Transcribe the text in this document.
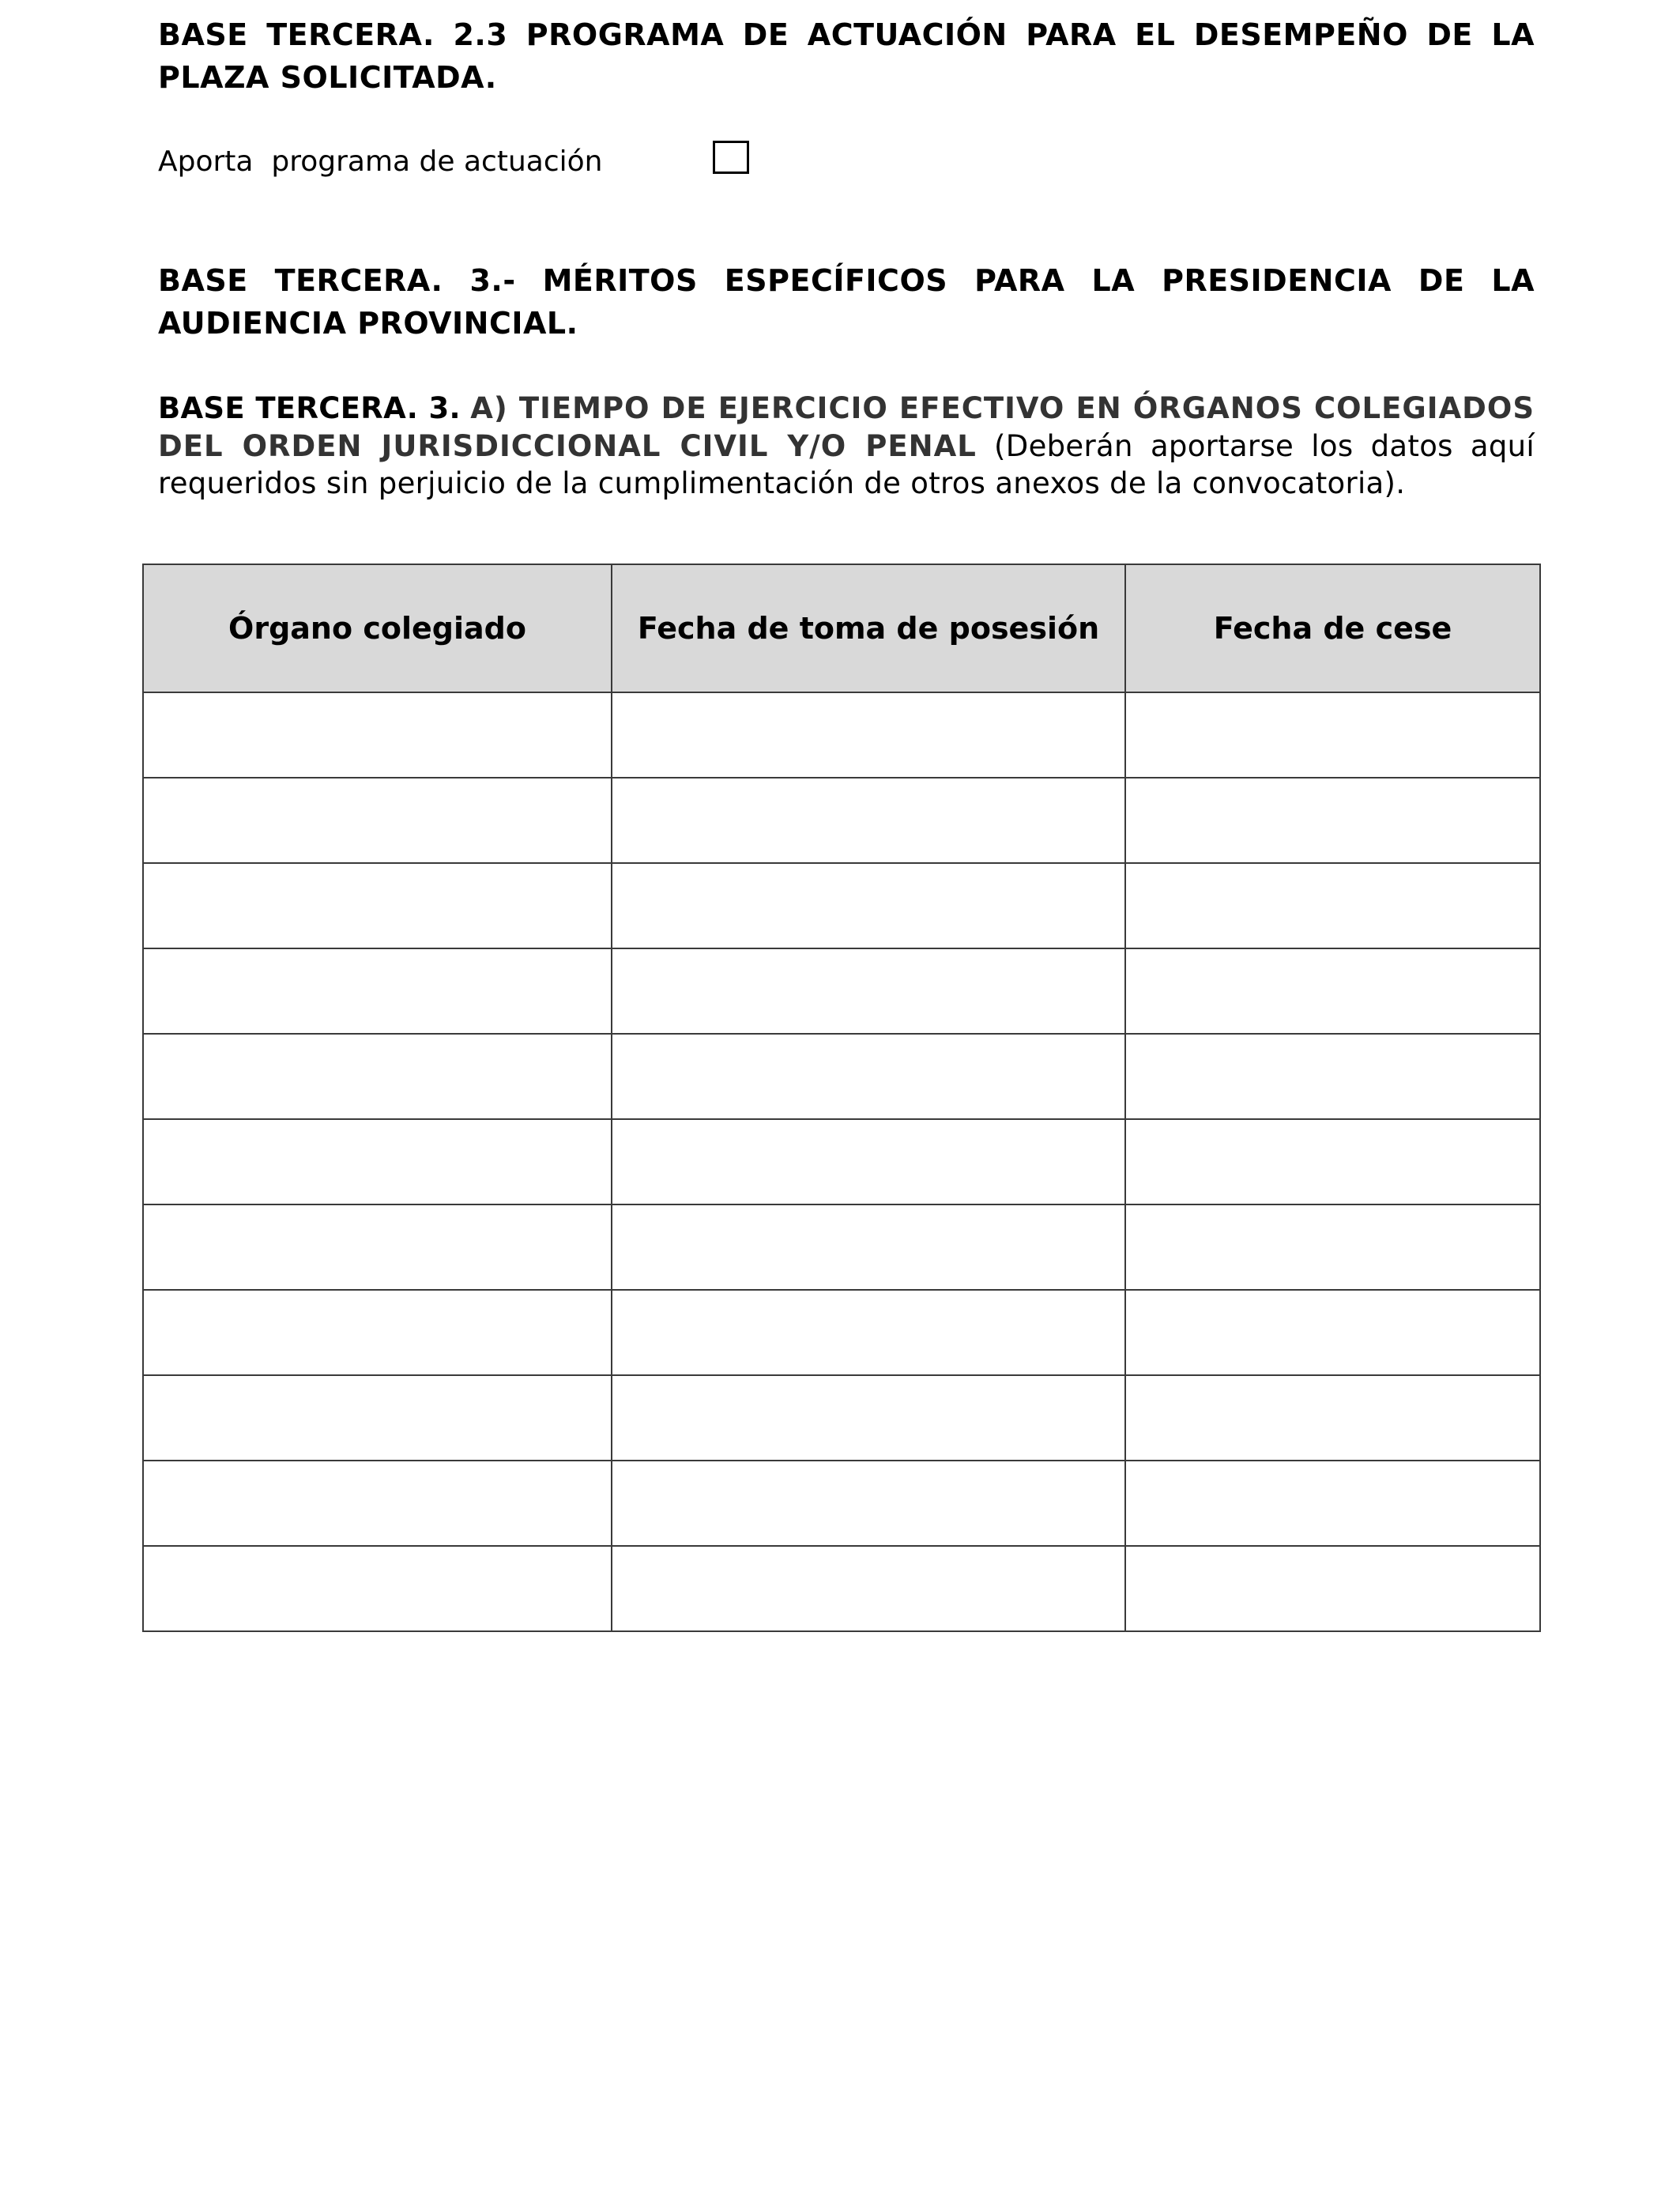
BASE TERCERA. 2.3 PROGRAMA DE ACTUACIÓN PARA EL DESEMPEÑO DE LA PLAZA SOLICITADA.
Aporta  programa de actuación
BASE TERCERA. 3.- MÉRITOS ESPECÍFICOS PARA LA PRESIDENCIA DE LA AUDIENCIA PROVINCIAL.
BASE TERCERA. 3. A) TIEMPO DE EJERCICIO EFECTIVO EN ÓRGANOS COLEGIADOS DEL ORDEN JURISDICCIONAL CIVIL Y/O PENAL (Deberán aportarse los datos aquí requeridos sin perjuicio de la cumplimentación de otros anexos de la convocatoria).
Órgano colegiado	Fecha de toma de posesión	Fecha de cese
